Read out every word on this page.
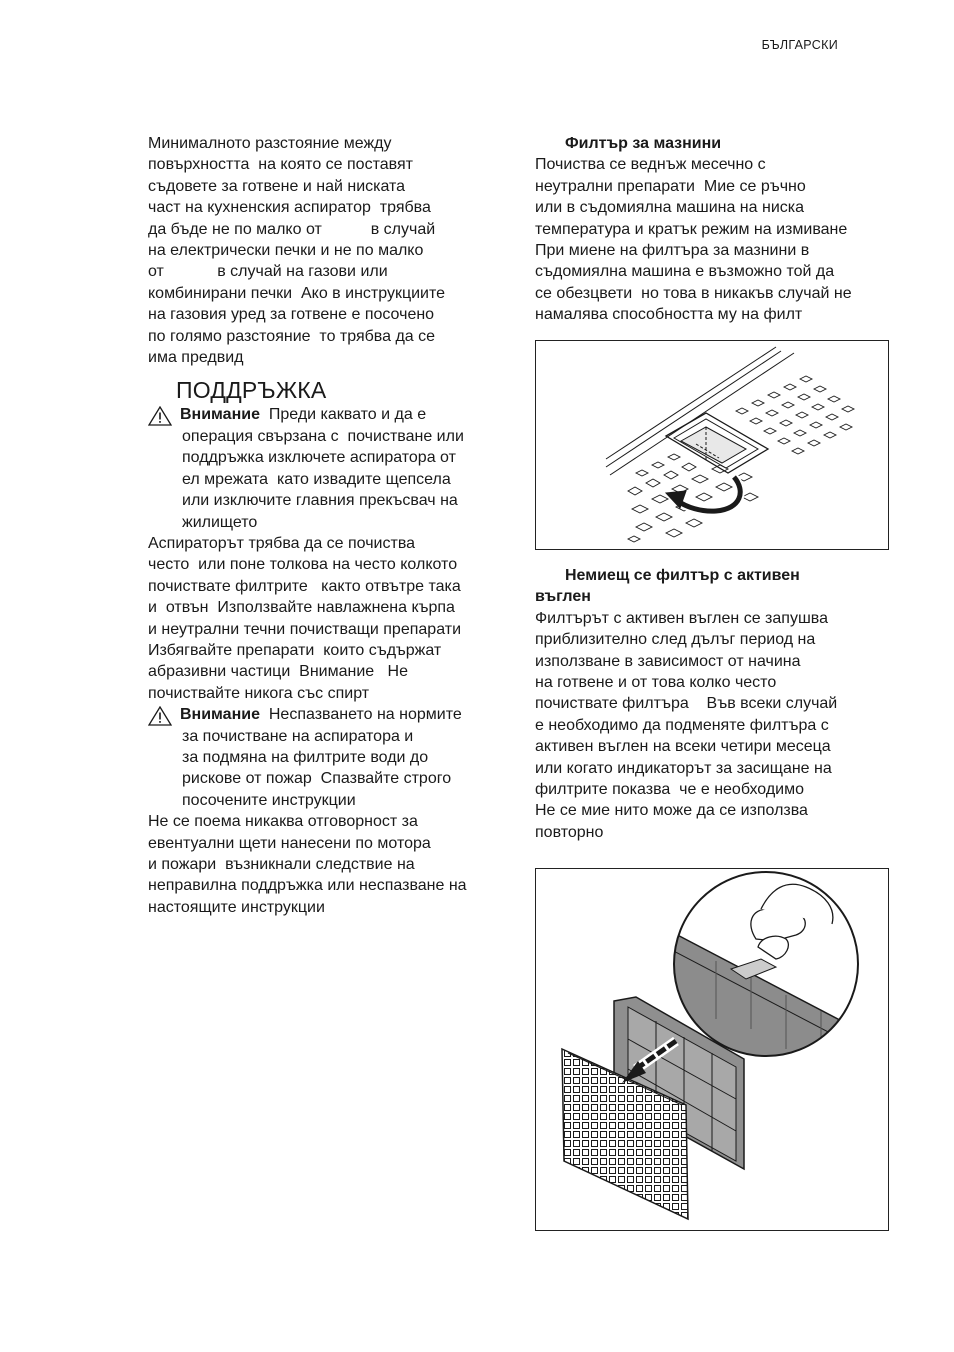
БЪЛГАРСКИ
Минималното разстояние между
повърхността  на която се поставят
съдовете за готвене и най ниската
част на кухненския аспиратор  трябва
да бъде не по малко от           в случай
на електрически печки и не по малко
от            в случай на газови или
комбинирани печки  Ако в инструкциите
на газовия уред за готвене е посочено
по голямо разстояние  то трябва да се
има предвид
ПОДДРЪЖКА
Внимание  Преди каквато и да е
операция свързана с  почистване или
поддръжка изключете аспиратора от
ел мрежата  като извадите щепсела
или изключите главния прекъсвач на
жилището
Аспираторът трябва да се почиства
често  или поне толкова на често колкото
почиствате филтрите   както отвътре така
и  отвън  Използвайте навлажнена кърпа
и неутрални течни почистващи препарати
Избягвайте препарати  които съдържат
абразивни частици  Внимание   Не
почиствайте никога със спирт
Внимание  Неспазването на нормите
за почистване на аспиратора и
за подмяна на филтрите води до
рискове от пожар  Спазвайте строго
посочените инструкции
Не се поема никаква отговорност за
евентуални щети нанесени по мотора
и пожари  възникнали следствие на
неправилна поддръжка или неспазване на
настоящите инструкции
Филтър за мазнини
Почиства се веднъж месечно с
неутрални препарати  Мие се ръчно
или в съдомиялна машина на ниска
температура и кратък режим на измиване
При миене на филтъра за мазнини в
съдомиялна машина е възможно той да
се обезцвети  но това в никакъв случай не
намалява способността му на филт
Немиещ се филтър с активен
въглен
Филтърът с активен въглен се запушва
приблизително след дълъг период на
използване в зависимост от начина
на готвене и от това колко често
почиствате филтъра    Във всеки случай
е необходимо да подменяте филтъра с
активен въглен на всеки четири месеца
или когато индикаторът за засищане на
филтрите показва  че е необходимо
Не се мие нито може да се използва
повторно
